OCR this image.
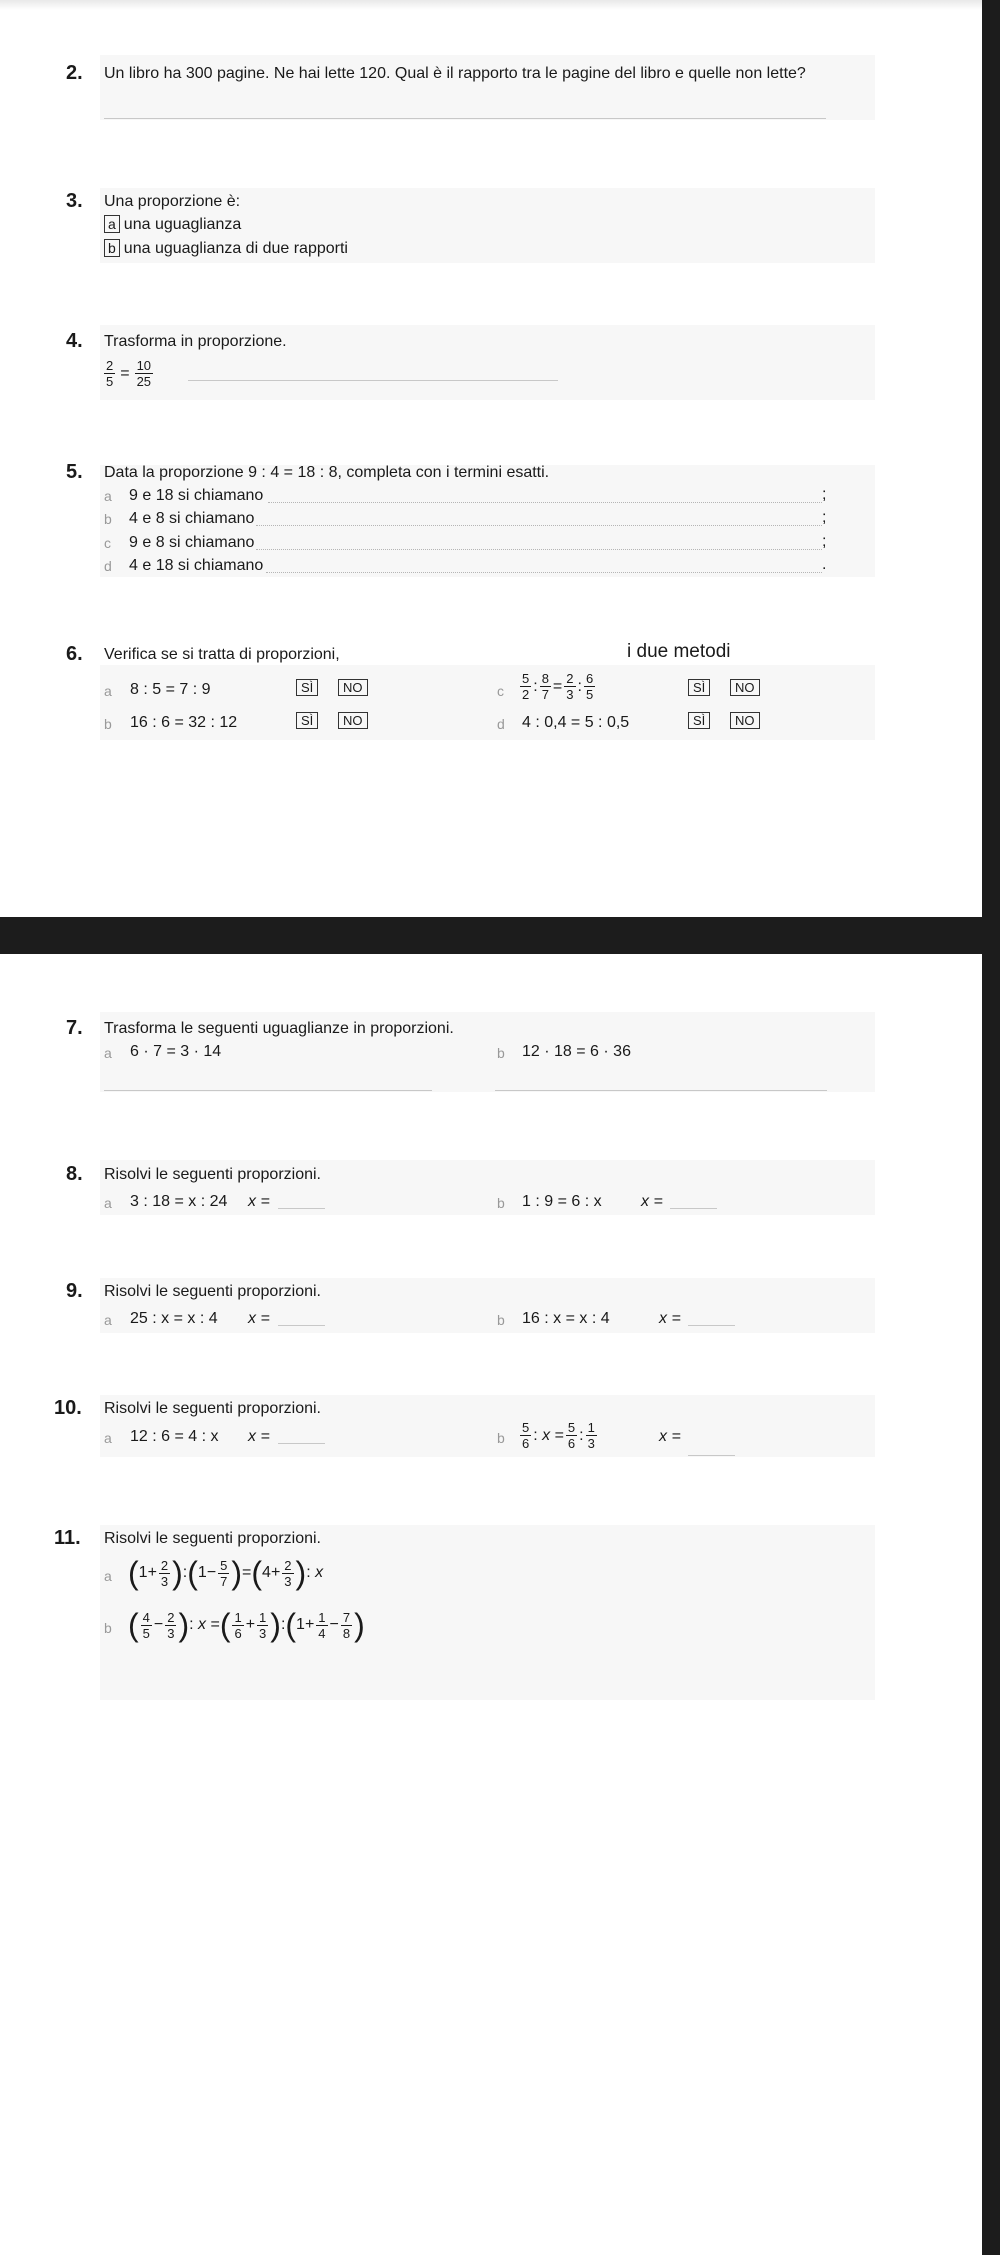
2. Un libro ha 300 pagine. Ne hai lette 120. Qual è il rapporto tra le pagine del libro e quelle non lette?
3. Una proporzione è:
a una uguaglianza
b una uguaglianza di due rapporti
4. Trasforma in proporzione.
$\frac{2}{5} = \frac{10}{25}$
5. Data la proporzione 9 : 4 = 18 : 8, completa con i termini esatti.
a 9 e 18 si chiamano	;
b 4 e 8 si chiamano	;
c 9 e 8 si chiamano	;
d 4 e 18 si chiamano	.
6. Verifica se si tratta di proporzioni,	i due metodi
a 8 : 5 = 7 : 9	SÌ	NO
b 16 : 6 = 32 : 12	SÌ	NO
c $\frac{5}{2}$ : $\frac{8}{7} = \frac{2}{3}$ : $\frac{6}{5}$	SÌ	NO
d 4 : 0,4 = 5 : 0,5	SÌ	NO
7. Trasforma le seguenti uguaglianze in proporzioni.
a 6 · 7 = 3 · 14	b 12 · 18 = 6 · 36
8. Risolvi le seguenti proporzioni.
a 3 : 18 = x : 24 x =	b 1 : 9 = 6 : x x =
9. Risolvi le seguenti proporzioni.
a 25 : x = x : 4 x =	b 16 : x = x : 4	x =
10. Risolvi le seguenti proporzioni.
a 12 : 6 = 4 : x x =	b $\frac{5}{6}$ : $x = \frac{5}{6}$ : $\frac{1}{3}$	x =
11. Risolvi le seguenti proporzioni.
a ( $1 + \frac{2}{3}$ ) : ( $1 - \frac{5}{7}$ ) = ( $4 + \frac{2}{3}$ ) : x
b ( $\frac{4}{5} - \frac{2}{3}$ ) : x = ( $\frac{1}{6} + \frac{1}{3}$ ) : ( $1 + \frac{1}{4} - \frac{7}{8}$ )
